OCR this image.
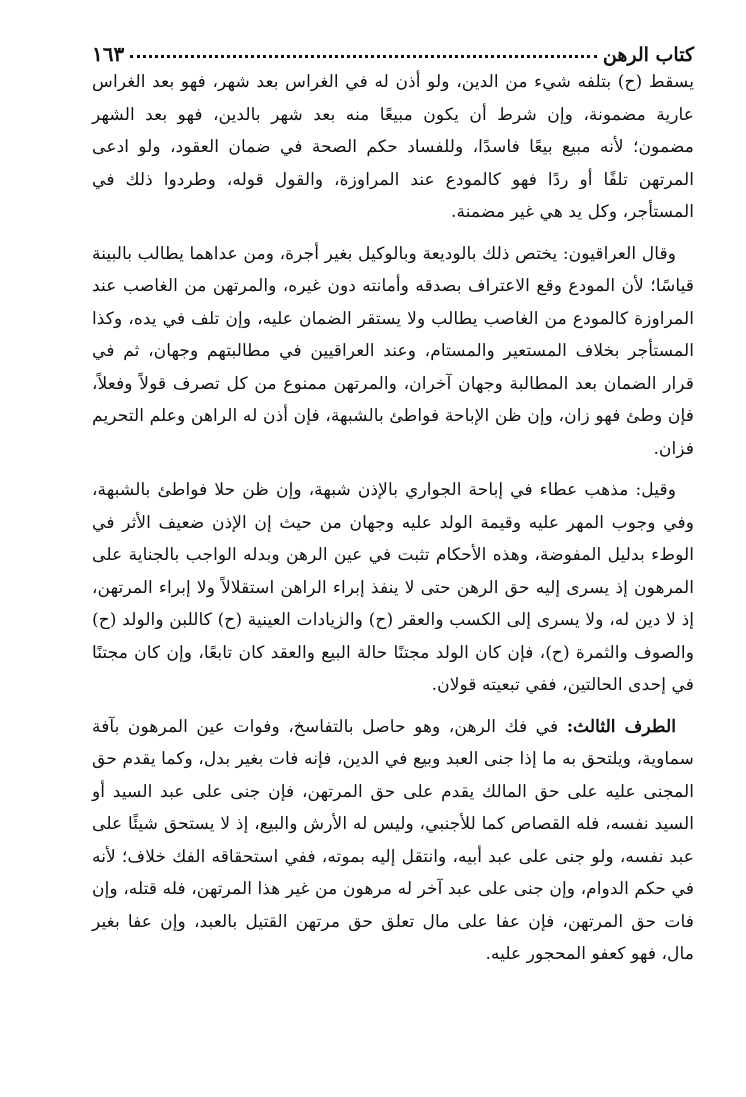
كتاب الرهن
١٦٣

يسقط (ح) بتلفه شيء من الدين، ولو أذن له في الغراس بعد شهر، فهو بعد الغراس عارية مضمونة، وإن شرط أن يكون مبيعًا منه بعد شهر بالدين، فهو بعد الشهر مضمون؛ لأنه مبيع بيعًا فاسدًا، وللفساد حكم الصحة في ضمان العقود، ولو ادعى المرتهن تلفًا أو ردًا فهو كالمودع عند المراوزة، والقول قوله، وطردوا ذلك في المستأجر، وكل يد هي غير مضمنة.

وقال العراقيون: يختص ذلك بالوديعة وبالوكيل بغير أجرة، ومن عداهما يطالب بالبينة قياسًا؛ لأن المودع وقع الاعتراف بصدقه وأمانته دون غيره، والمرتهن من الغاصب عند المراوزة كالمودع من الغاصب يطالب ولا يستقر الضمان عليه، وإن تلف في يده، وكذا المستأجر بخلاف المستعير والمستام، وعند العراقيين في مطالبتهم وجهان، ثم في قرار الضمان بعد المطالبة وجهان آخران، والمرتهن ممنوع من كل تصرف قولاً وفعلاً، فإن وطئ فهو زان، وإن ظن الإباحة فواطئ بالشبهة، فإن أذن له الراهن وعلم التحريم فزان.

وقيل: مذهب عطاء في إباحة الجواري بالإذن شبهة، وإن ظن حلا فواطئ بالشبهة، وفي وجوب المهر عليه وقيمة الولد عليه وجهان من حيث إن الإذن ضعيف الأثر في الوطء بدليل المفوضة، وهذه الأحكام تثبت في عين الرهن وبدله الواجب بالجناية على المرهون إذ يسرى إليه حق الرهن حتى لا ينفذ إبراء الراهن استقلالاً ولا إبراء المرتهن، إذ لا دين له، ولا يسرى إلى الكسب والعقر (ح) والزيادات العينية (ح) كاللبن والولد (ح) والصوف والثمرة (ح)، فإن كان الولد مجتنًا حالة البيع والعقد كان تابعًا، وإن كان مجتنًا في إحدى الحالتين، ففي تبعيته قولان.

الطرف الثالث: في فك الرهن، وهو حاصل بالتفاسخ، وفوات عين المرهون بآفة سماوية، ويلتحق به ما إذا جنى العبد وبيع في الدين، فإنه فات بغير بدل، وكما يقدم حق المجنى عليه على حق المالك يقدم على حق المرتهن، فإن جنى على عبد السيد أو السيد نفسه، فله القصاص كما للأجنبي، وليس له الأرش والبيع، إذ لا يستحق شيئًا على عبد نفسه، ولو جنى على عبد أبيه، وانتقل إليه بموته، ففي استحقاقه الفك خلاف؛ لأنه في حكم الدوام، وإن جنى على عبد آخر له مرهون من غير هذا المرتهن، فله قتله، وإن فات حق المرتهن، فإن عفا على مال تعلق حق مرتهن القتيل بالعبد، وإن عفا بغير مال، فهو كعفو المحجور عليه.
